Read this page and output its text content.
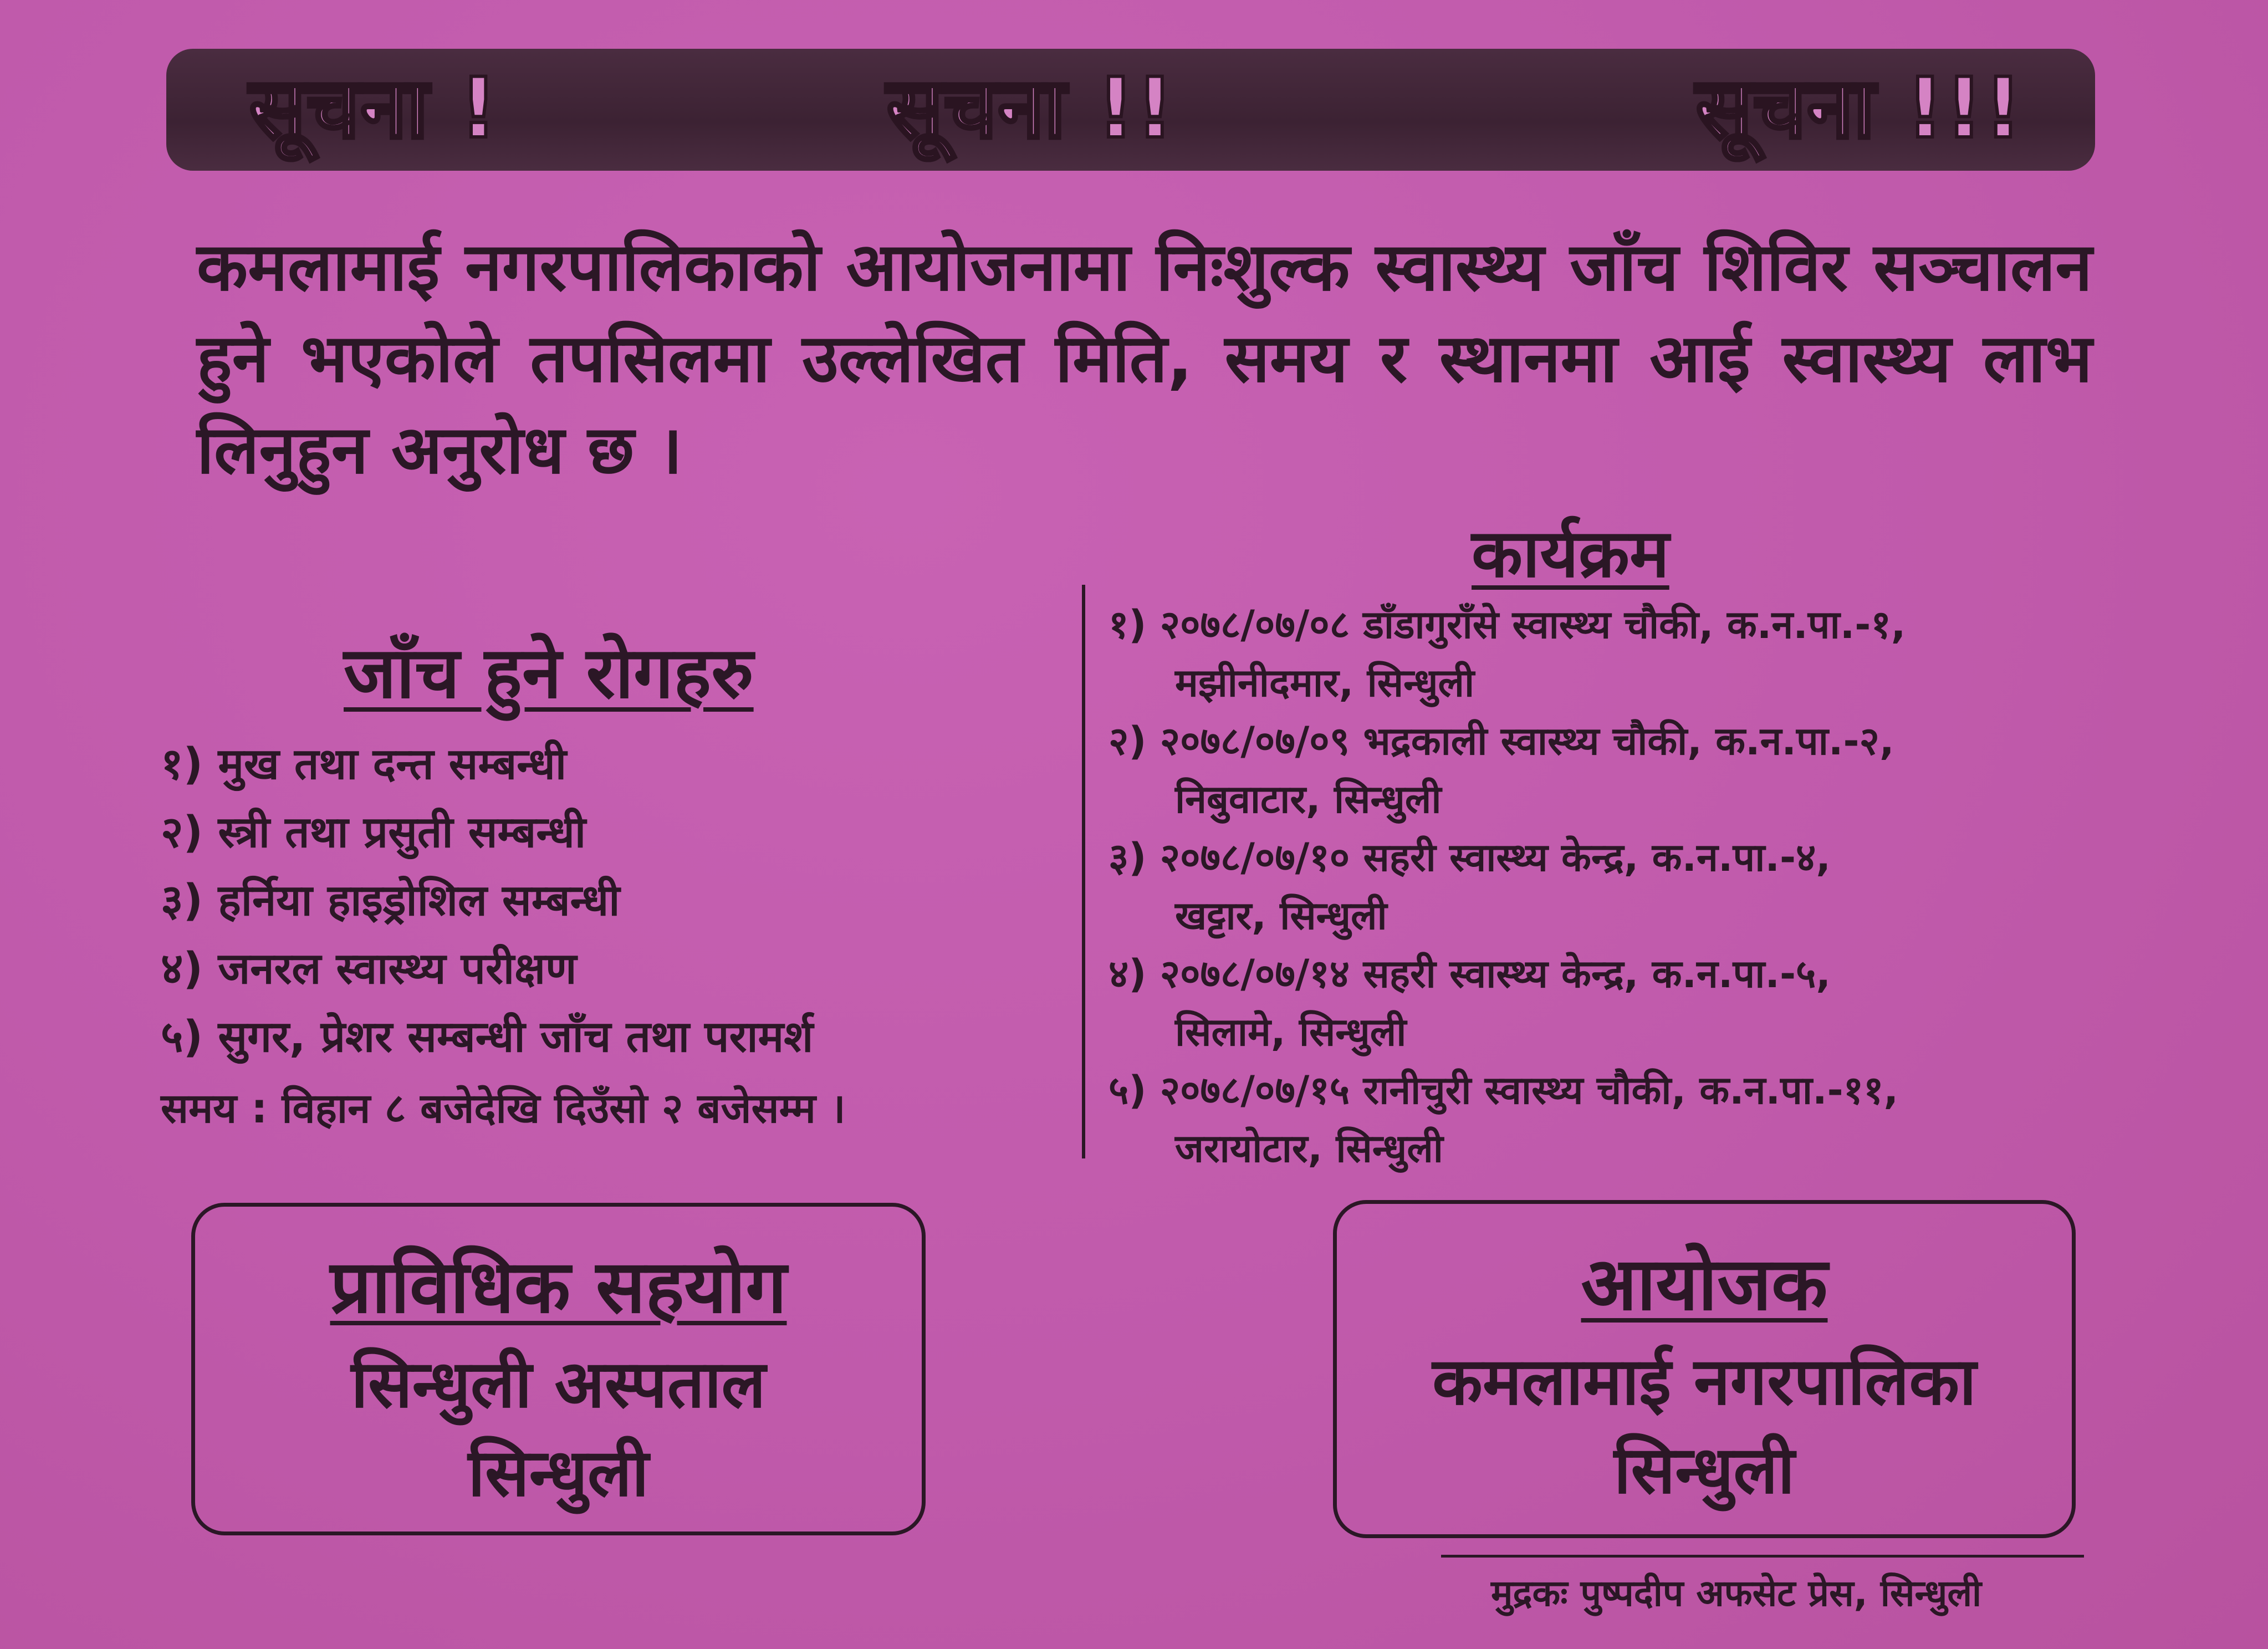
सूचना !	सूचना !!	सूचना !!!
कमलामाई नगरपालिकाको आयोजनामा निःशुल्क स्वास्थ्य जाँच शिविर सञ्चालन हुने भएकोले तपसिलमा उल्लेखित मिति, समय र स्थानमा आई स्वास्थ्य लाभ लिनुहुन अनुरोध छ ।
जाँच हुने रोगहरु
१) मुख तथा दन्त सम्बन्धी
२) स्त्री तथा प्रसुती सम्बन्धी
३) हर्निया हाइड्रोशिल सम्बन्धी
४) जनरल स्वास्थ्य परीक्षण
५) सुगर, प्रेशर सम्बन्धी जाँच तथा परामर्श
समय : विहान ८ बजेदेखि दिउँसो २ बजेसम्म ।
कार्यक्रम
१) २०७८/०७/०८ डाँडागुराँसे स्वास्थ्य चौकी, क.न.पा.-१,
मझीनीदमार, सिन्धुली
२) २०७८/०७/०९ भद्रकाली स्वास्थ्य चौकी, क.न.पा.-२,
निबुवाटार, सिन्धुली
३) २०७८/०७/१० सहरी स्वास्थ्य केन्द्र, क.न.पा.-४,
खट्टार, सिन्धुली
४) २०७८/०७/१४ सहरी स्वास्थ्य केन्द्र, क.न.पा.-५,
सिलामे, सिन्धुली
५) २०७८/०७/१५ रानीचुरी स्वास्थ्य चौकी, क.न.पा.-११,
जरायोटार, सिन्धुली
प्राविधिक सहयोग
सिन्धुली अस्पताल
सिन्धुली
आयोजक
कमलामाई नगरपालिका
सिन्धुली
मुद्रकः पुष्पदीप अफसेट प्रेस, सिन्धुली
